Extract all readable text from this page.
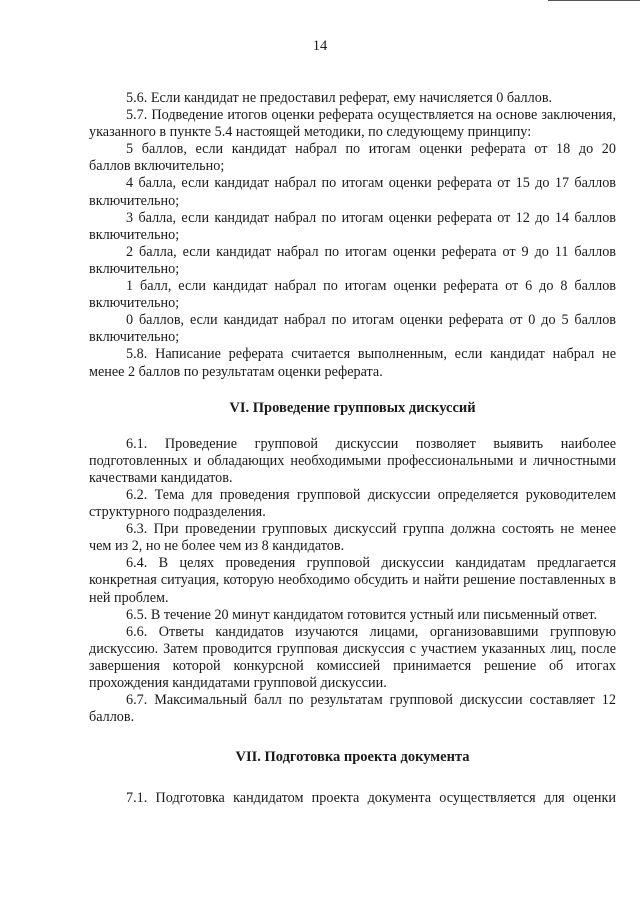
14

5.6. Если кандидат не предоставил реферат, ему начисляется 0 баллов.

5.7. Подведение итогов оценки реферата осуществляется на основе заключения, указанного в пункте 5.4 настоящей методики, по следующему принципу:

5 баллов, если кандидат набрал по итогам оценки реферата от 18 до 20

баллов включительно;

4 балла, если кандидат набрал по итогам оценки реферата от 15 до 17 баллов

включительно;

3 балла, если кандидат набрал по итогам оценки реферата от 12 до 14 баллов

включительно;

2 балла, если кандидат набрал по итогам оценки реферата от 9 до 11 баллов

включительно;

1 балл, если кандидат набрал по итогам оценки реферата от 6 до 8 баллов

включительно;

0 баллов, если кандидат набрал по итогам оценки реферата от 0 до 5 баллов

включительно;

5.8. Написание реферата считается выполненным, если кандидат набрал не менее 2 баллов по результатам оценки реферата.

VI. Проведение групповых дискуссий

6.1. Проведение групповой дискуссии позволяет выявить наиболее подготовленных и обладающих необходимыми профессиональными и личностными качествами кандидатов.

6.2. Тема для проведения групповой дискуссии определяется руководителем структурного подразделения.

6.3. При проведении групповых дискуссий группа должна состоять не менее чем из 2, но не более чем из 8 кандидатов.

6.4. В целях проведения групповой дискуссии кандидатам предлагается конкретная ситуация, которую необходимо обсудить и найти решение поставленных в ней проблем.

6.5. В течение 20 минут кандидатом готовится устный или письменный ответ.

6.6. Ответы кандидатов изучаются лицами, организовавшими групповую дискуссию. Затем проводится групповая дискуссия с участием указанных лиц, после завершения которой конкурсной комиссией принимается решение об итогах прохождения кандидатами групповой дискуссии.

6.7. Максимальный балл по результатам групповой дискуссии составляет 12 баллов.

VII. Подготовка проекта документа

7.1. Подготовка кандидатом проекта документа осуществляется для оценки
